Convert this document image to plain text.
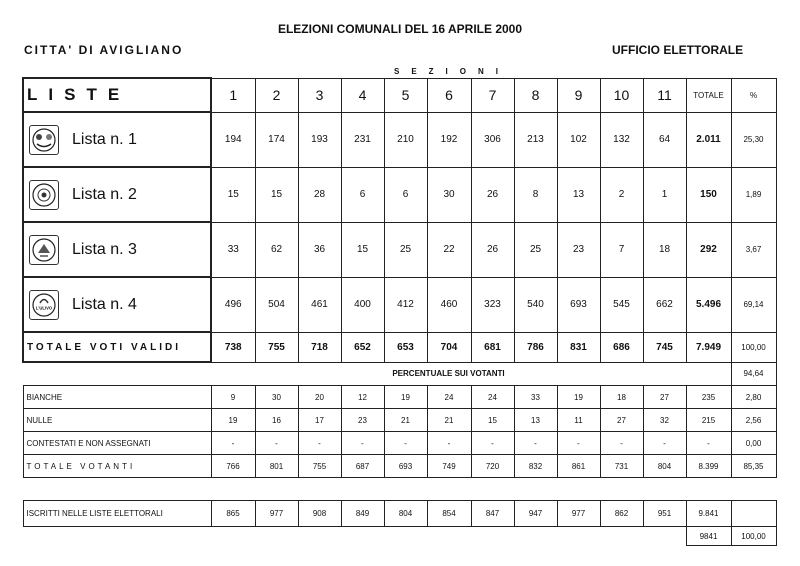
ELEZIONI COMUNALI DEL 16 APRILE 2000
CITTA' DI AVIGLIANO	UFFICIO ELETTORALE
SEZIONI
LISTE	1	2	3	4	5	6	7	8	9	10	11	TOTALE	%

Lista n. 1	194	174	193	231	210	192	306	213	102	132	64	2.011	25,30

Lista n. 2	15	15	28	6	6	30	26	8	13	2	1	150	1,89

Lista n. 3	33	62	36	15	25	22	26	25	23	7	18	292	3,67

L'ULIVO Lista n. 4	496	504	461	400	412	460	323	540	693	545	662	5.496	69,14
TOTALE VOTI VALIDI	738	755	718	652	653	704	681	786	831	686	745	7.949	100,00
	PERCENTUALE SUI VOTANTI												94,64
BIANCHE	9	30	20	12	19	24	24	33	19	18	27	235	2,80
NULLE	19	16	17	23	21	21	15	13	11	27	32	215	2,56
CONTESTATI E NON ASSEGNATI	-	-	-	-	-	-	-	-	-	-	-	-	0,00
TOTALE VOTANTI	766	801	755	687	693	749	720	832	861	731	804	8.399	85,35

ISCRITTI NELLE LISTE ELETTORALI	865	977	908	849	804	854	847	947	977	862	951	9.841	
												9841	100,00
